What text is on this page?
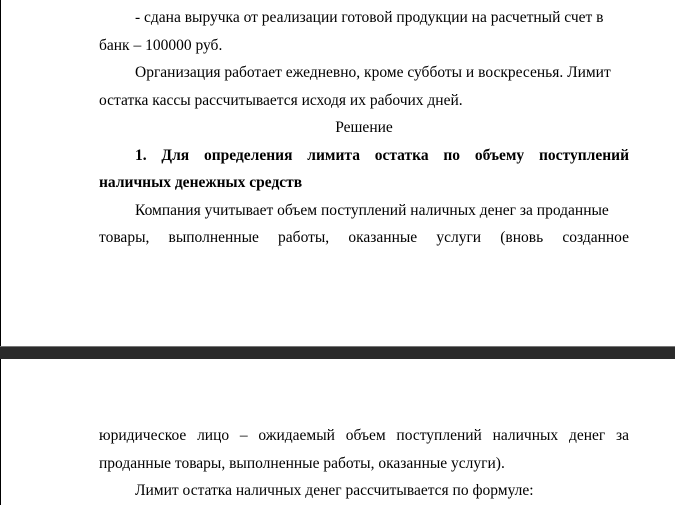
- сдана выручка от реализации готовой продукции на расчетный счет в
банк – 100000 руб.
Организация работает ежедневно, кроме субботы и воскресенья. Лимит
остатка кассы рассчитывается исходя их рабочих дней.
Решение
1. Для определения лимита остатка по объему поступлений
наличных денежных средств
Компания учитывает объем поступлений наличных денег за проданные
товары, выполненные работы, оказанные услуги (вновь созданное
юридическое лицо – ожидаемый объем поступлений наличных денег за
проданные товары, выполненные работы, оказанные услуги).
Лимит остатка наличных денег рассчитывается по формуле:
